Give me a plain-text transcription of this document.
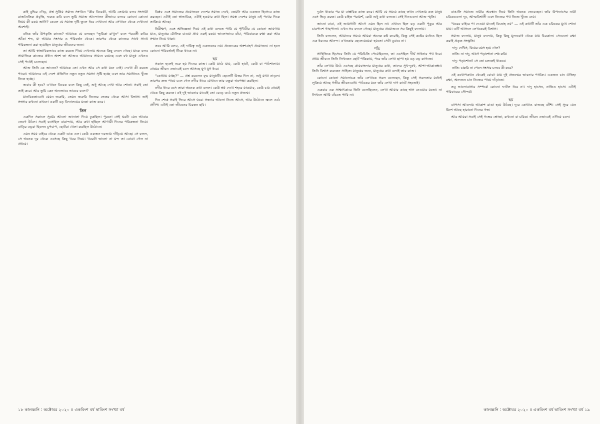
কাই বুদ্ধির দৌড়, প্রশ্ন সুপ্রিম সমাজ সংগঠন "কীর বিবেকী, আমি তোমায় বলব সংসারী রাজনৈতিক প্রবৃত্তি, ফরুক কবি বলে তুমি সমাজ আন্দোলন কীভাবে বলবে কোনো কোনো নিয়ম কী রকম জানি? কেবল যে সমাজ দৃষ্টি তুলে ধরে দেখানো আর সেখানে থেকে দেখানো অবশ্যই।

বনিক তাঁর উপকৃতি কাজে? আমাকে যে বলছেন "ভূমিকা রাখুন" বলে পরবর্তী কবির আঁকা শব্দ, যা আমার সংসার ও পরিবর্তন থেকে। তারপর থেকে কাজের সাথে সাথে পরিকল্পনা করা হয়েছিল মানুষের জীবনের জন্য।

তা আমি স্বাভাবিকভাবে কাজ করতে গিয়ে দেখলাম অনেক কিছু বদলে গেছে। যাকে বলব সামাজিক কাজের প্রধান অংশ তা আজও আমাদের সামনে রয়েছে এবং বহু মানুষ এখনও সেই পথেই চলেছেন।

আজ তিনি কে জানেন? আমাকে তো এখন আর সে কথা মনে নেই। দেখো কী করতে পারো। আমাদের এই দেশে প্রতিদিন নতুন নতুন সমস্যা সৃষ্টি হচ্ছে এবং তার সমাধানও খুঁজে নিতে হচ্ছে।

জবাব কী হবে? এখানে বিবেক বলে কিছু নেই, শুধু আছে দেখা আর শোনা। সবাই তো তাই করে। আর তুমি কেন অন্যভাবে ভাববে বলো?

মানবিকতাবোধ যেমন জরুরি, তেমন জরুরি নিজের ভেতর থেকে আসা বিশ্বাস। তাই সংসার কখনো কখনো একটি বড় বিদ্যালয়ের মতো কাজ করে।

তিন

একদিন সকালে সূর্যের আলো জানালা দিয়ে ঢুকছিল। পুরনো সেই ঘরটা যেন আবার জেগে উঠল। সবাই বসেছিল বারান্দায়, আর কথা হচ্ছিল আগামী দিনের পরিকল্পনা নিয়ে। বাড়ির বড়রা ছিলেন চুপচাপ, ছোটরা খেলা করছিল উঠোনে।

এমন সময় বাইরে থেকে একটা ডাক এল। কেউ একজন দরজায় দাঁড়িয়ে আছে। সে বলল, সে অনেক দূর থেকে এসেছে কিছু খবর নিয়ে। খবরটা ভালো না মন্দ তা বোঝা গেল না প্রথমে।

বিপ্লব এবং সমাজের প্রয়োজনে দেশের সমাজ দেখে, তেমনি আর একজন হিসেবে কাজ করছেন। এটাই তো স্বাভাবিক, এটাই হওয়ার কথা ছিল। সমস্ত দেশের মানুষ এই পথের দিকে তাকিয়ে আছে।

নিরীক্ষণ, এবং অভিজ্ঞতা দিয়ে এই কথা বলতে পারি যে পৃথিবীর যে কোনো জায়গায় যাও, মানুষের মৌলিক চাওয়া প্রায় একই রকম। ভালোভাবে বাঁচা, পরিবারকে রক্ষা করা আর সম্মান নিয়ে থাকা।

তবে আমি বলব, এই দায়িত্ব শুধু একজনের নয়। প্রত্যেকের অংশগ্রহণ প্রয়োজন। না হলে কোনো পরিবর্তনই টিকে থাকে না।

ছয়

সকাল হলেই শুরু হয় দিনের কাজ। কেউ মাঠে যায়, কেউ হাটে, কেউ বা পাঠশালায়। গ্রামের জীবন এভাবেই চলে আসছে যুগ যুগ ধরে।

"কোথায় যাচ্ছ?" — প্রশ্ন করলেন বৃদ্ধ মানুষটি। ছেলেটি উত্তর দিল না, শুধু মাথা নাড়ল। তারপর দ্রুত পায়ে চলে গেল নদীর ধারে যেখানে তার বন্ধুরা অপেক্ষা করছিল।

নদীর ধারে বসে তারা অনেক কথা বলল। কেউ স্বপ্ন দেখে শহরে যাওয়ার, কেউ চায় গ্রামেই থেকে কিছু করতে। এই দুই ভাবনার মাঝেই তো বেড়ে ওঠে নতুন প্রজন্ম।

দিন শেষে সবাই ফিরে আসে ঘরে। সন্ধ্যার আলো নিভে আসে, আর উঠোনে জ্বলে ওঠে প্রদীপ। এটাই তো জীবনের চিরন্তন ছবি।

১৮ কালধ্বনি : অক্টোবর ২০২০ ॥ একবিংশ বর্ষ দ্বাবিংশ সংখ্যা বর্ষ

দুর্বল থাকার পর যা বাস্তবিক কাজ করে। আমি যে সময়ে কাছে তখন দেখতাম কত মানুষ এসে ভিড় করত। কেউ চাইত পরামর্শ, কেউ শুধু কথা বলতে। সেই দিনগুলো আজ স্মৃতি।

জানো বাবা, এই জায়গাটা আগে এমন ছিল না। এখানে ছিল বড় একটা পুকুর আর চারপাশে গাছপালা। এখন সব বদলে গেছে। মানুষের প্রয়োজনে সব কিছুই বদলায়।

তিনি বললেন, আমাদের সময়ে আমরা অনেক কষ্ট করেছি, কিন্তু সেই কষ্টের মধ্যেও ছিল এক ধরনের আনন্দ। এখনকার ছেলেমেয়েরা হয়তো সেটা বুঝবে না।

পাঁচ

সাহিত্যিক হিসেবে তিনি যে পরিচিতি পেয়েছিলেন, তা এসেছিল দীর্ঘ সাধনার পথ ধরে। প্রথম জীবনে তিনি লিখতেন ছোট পত্রিকায়, পরে তাঁর লেখা ছাপা হয় বড় বড় কাগজে।

তাঁর লেখায় উঠে এসেছে গ্রামবাংলার মানুষের কথা, তাদের সুখ-দুঃখ, আশা-আকাঙ্ক্ষা। তিনি বিশ্বাস করতেন সাহিত্য মানুষের জন্য, মানুষের কথা বলাই তার কাজ।

কোনো কোনো সমালোচক তাঁর লেখাকে সরল বলেছেন, কিন্তু সেই সরলতার মধ্যেই লুকিয়ে আছে গভীর জীবনবোধ। পাঠকের মনে তাঁর লেখা দাগ কাটে সহজেই।

একবার এক সাক্ষাৎকারে তিনি বলেছিলেন, লেখা আমার কাছে শ্বাস নেওয়ার মতো। না লিখলে আমি বাঁচতে পারি না।

বাঙালি সমাজে নারীর অবস্থান নিয়ে তিনি অনেক ভেবেছেন। তাঁর উপন্যাসের নারী চরিত্রগুলো দৃঢ়, আত্মবিশ্বাসী এবং নিজের পথ নিজে খুঁজে নেয়।

"ঘরের বাইরে পা দেওয়া মানেই বিদ্রোহ নয়" — এই কথাটি তাঁর এক চরিত্রের মুখে শোনা যায়। এটি আসলে লেখকেরই বিশ্বাস।

সমাজ বদলায়, মানুষ বদলায়, কিন্তু কিছু মূল্যবোধ থেকে যায় চিরকাল। সেগুলো রক্ষা করাই প্রকৃত সংস্কৃতি।

দাদু: দেখিস, বিয়ের বয়স হয়ে গেল?

নাতি: না দাদু, আগে পড়াশোনা শেষ করি।

দাদু: পড়াশোনা! সে তো চলতেই থাকবে।

নাতি: চাকরি না পেলে সংসার চলবে কী করে?

এই কথোপকথন থেকেই বোঝা যায় দুই প্রজন্মের ভাবনার পার্থক্য। একজন চান ঐতিহ্য রক্ষা, অন্যজন চান নিজের পায়ে দাঁড়াতে।

তবু ভালোবাসার সম্পর্কে কোনো ফাটল ধরে না। দাদু হাসেন, নাতিও হাসে। এটাই পরিবারের সৌন্দর্য।

ছয়

ঝাপসা আলোয় আকাশ রাঙা হয়ে উঠছে। দূরে কোথাও বাজছে বাঁশি। সেই সুরে যেন মিশে আছে হারানো দিনের গল্প।

আর আমরা সবাই সেই গল্পের শ্রোতা, কখনো বা চরিত্র। জীবন এভাবেই এগিয়ে চলে।

কালধ্বনি : অক্টোবর ২০২০ ॥ একবিংশ বর্ষ দ্বাবিংশ সংখ্যা বর্ষ ১৯
